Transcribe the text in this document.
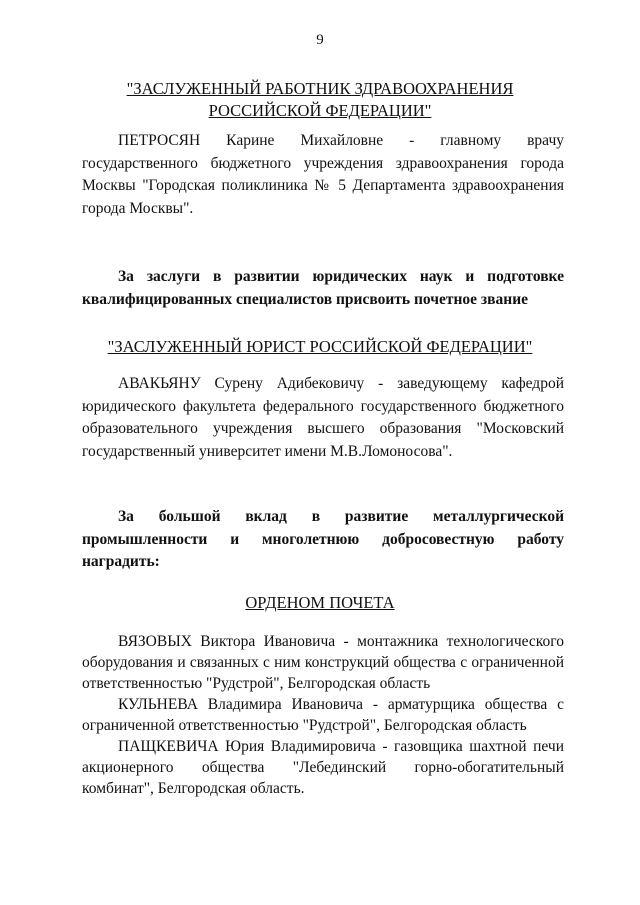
9
"ЗАСЛУЖЕННЫЙ РАБОТНИК ЗДРАВООХРАНЕНИЯ
РОССИЙСКОЙ ФЕДЕРАЦИИ"

ПЕТРОСЯН Карине Михайловне - главному врачу государственного бюджетного учреждения здравоохранения города Москвы "Городская поликлиника № 5 Департамента здравоохранения города Москвы".

За заслуги в развитии юридических наук и подготовке квалифицированных специалистов присвоить почетное звание

"ЗАСЛУЖЕННЫЙ ЮРИСТ РОССИЙСКОЙ ФЕДЕРАЦИИ"

АВАКЬЯНУ Сурену Адибековичу - заведующему кафедрой юридического факультета федерального государственного бюджетного образовательного учреждения высшего образования "Московский государственный университет имени М.В.Ломоносова".

За большой вклад в развитие металлургической промышленности и многолетнюю добросовестную работу наградить:

ОРДЕНОМ ПОЧЕТА

ВЯЗОВЫХ Виктора Ивановича - монтажника технологического оборудования и связанных с ним конструкций общества с ограниченной ответственностью "Рудстрой", Белгородская область

КУЛЬНЕВА Владимира Ивановича - арматурщика общества с ограниченной ответственностью "Рудстрой", Белгородская область

ПАЩКЕВИЧА Юрия Владимировича - газовщика шахтной печи акционерного общества "Лебединский горно-обогатительный комбинат", Белгородская область.
